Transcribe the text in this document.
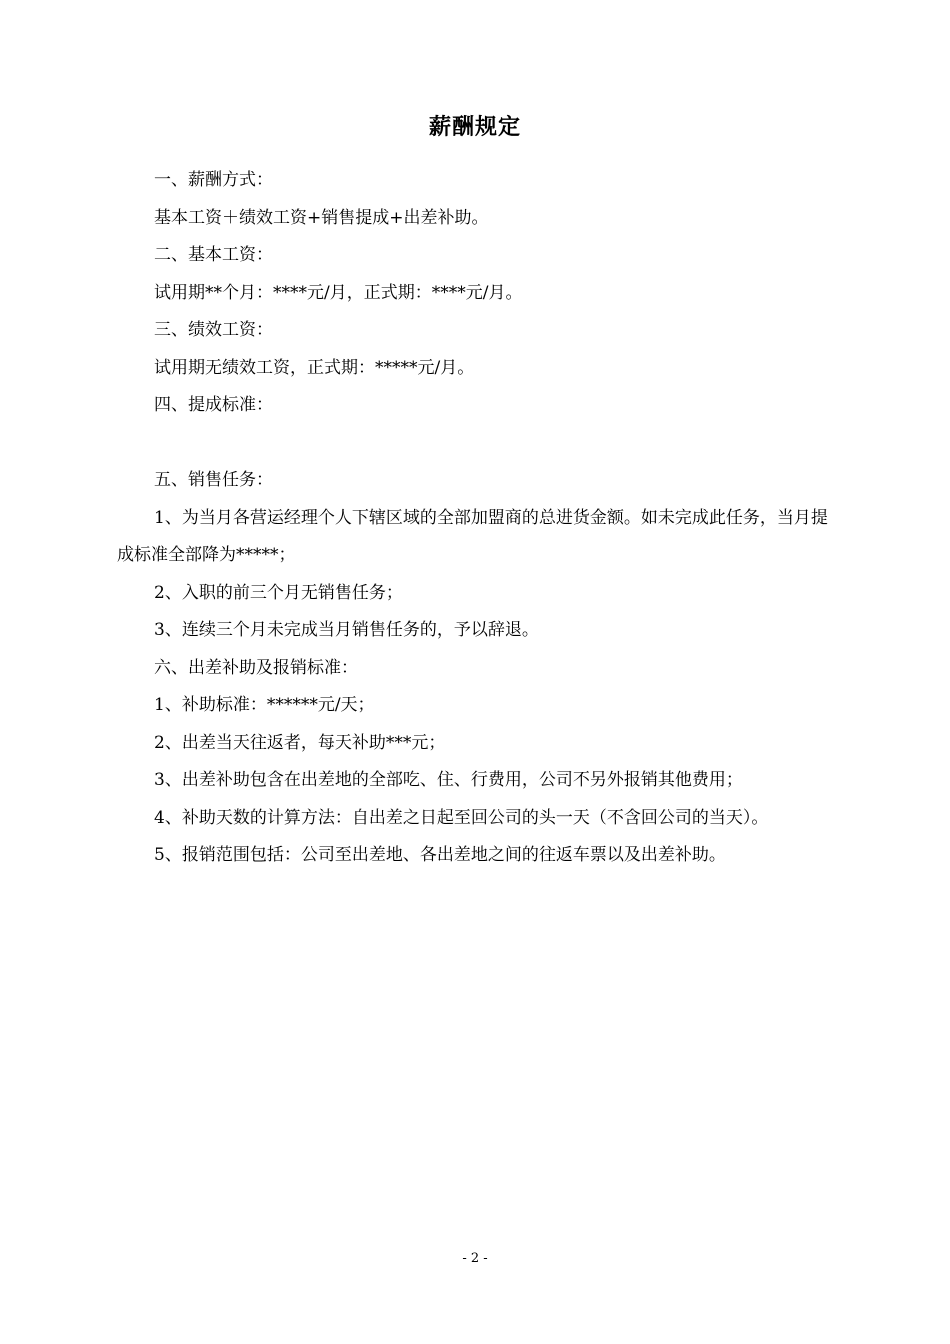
薪酬规定

一、薪酬方式：

基本工资＋绩效工资+销售提成+出差补助。

二、基本工资：

试用期**个月：****元/月，正式期：****元/月。

三、绩效工资：

试用期无绩效工资，正式期：*****元/月。

四、提成标准：

五、销售任务：

1、为当月各营运经理个人下辖区域的全部加盟商的总进货金额。如未完成此任务，当月提成标准全部降为*****；

2、入职的前三个月无销售任务；

3、连续三个月未完成当月销售任务的，予以辞退。

六、出差补助及报销标准：

1、补助标准：******元/天；

2、出差当天往返者，每天补助***元；

3、出差补助包含在出差地的全部吃、住、行费用，公司不另外报销其他费用；

4、补助天数的计算方法：自出差之日起至回公司的头一天（不含回公司的当天）。

5、报销范围包括：公司至出差地、各出差地之间的往返车票以及出差补助。

- 2 -
